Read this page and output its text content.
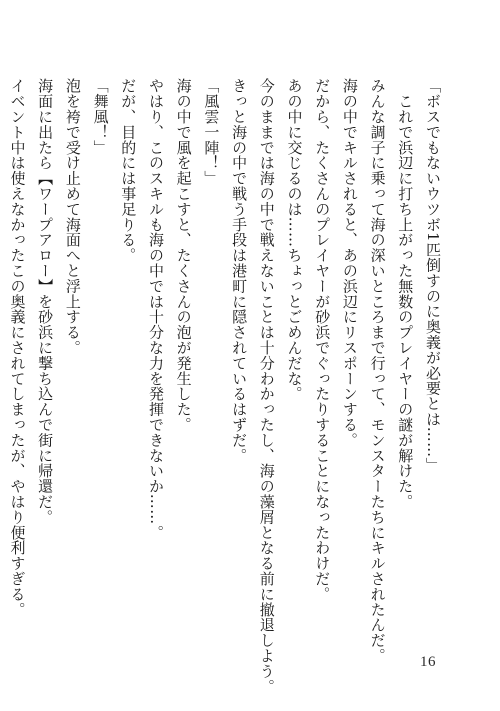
「ボスでもないウツボ1匹倒すのに奥義が必要とは……」
　これで浜辺に打ち上がった無数のプレイヤーの謎が解けた。
みんな調子に乗って海の深いところまで行って、モンスターたちにキルされたんだ。
海の中でキルされると、あの浜辺にリスポーンする。
だから、たくさんのプレイヤーが砂浜でぐったりすることになったわけだ。
あの中に交じるのは……ちょっとごめんだな。
今のままでは海の中で戦えないことは十分わかったし、海の藻屑となる前に撤退しよう。
きっと海の中で戦う手段は港町に隠されているはずだ。
「風雲一陣！」
海の中で風を起こすと、たくさんの泡が発生した。
やはり、このスキルも海の中では十分な力を発揮できないか……。
だが、目的には事足りる。
「舞風！」
泡を袴で受け止めて海面へと浮上する。
海面に出たら【ワープアロー】を砂浜に撃ち込んで街に帰還だ。
イベント中は使えなかったこの奥義にされてしまったが、やはり便利すぎる。
16
